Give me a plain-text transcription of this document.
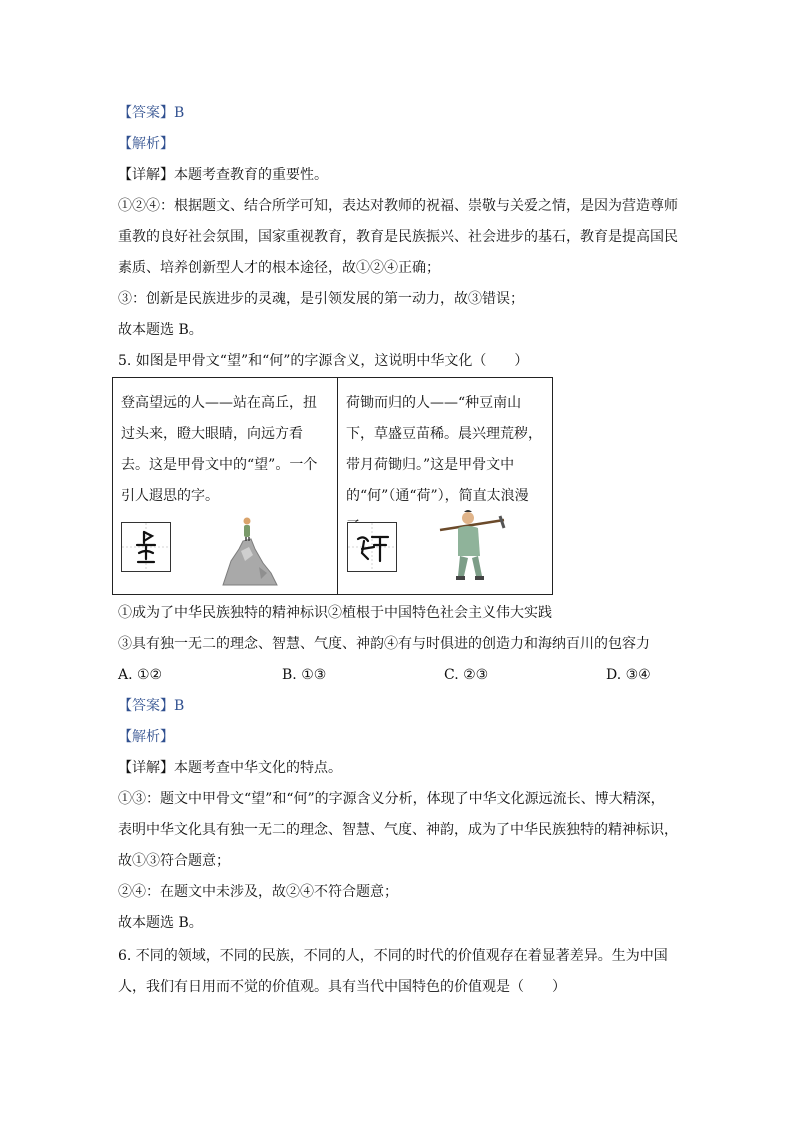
【答案】B
【解析】
【详解】本题考查教育的重要性。
①②④：根据题文、结合所学可知，表达对教师的祝福、崇敬与关爱之情，是因为营造尊师
重教的良好社会氛围，国家重视教育，教育是民族振兴、社会进步的基石，教育是提高国民
素质、培养创新型人才的根本途径，故①②④正确；
③：创新是民族进步的灵魂，是引领发展的第一动力，故③错误；
故本题选 B。
5. 如图是甲骨文“望”和“何”的字源含义，这说明中华文化（　　）
登高望远的人——站在高丘，扭过头来，瞪大眼睛，向远方看去。这是甲骨文中的“望”。一个引人遐思的字。
荷锄而归的人——“种豆南山下，草盛豆苗稀。晨兴理荒秽，带月荷锄归。”这是甲骨文中的“何”（通“荷”），简直太浪漫
①成为了中华民族独特的精神标识②植根于中国特色社会主义伟大实践
③具有独一无二的理念、智慧、气度、神韵④有与时俱进的创造力和海纳百川的包容力
A. ①②	B. ①③	C. ②③	D. ③④
【答案】B
【解析】
【详解】本题考查中华文化的特点。
①③：题文中甲骨文“望”和“何”的字源含义分析，体现了中华文化源远流长、博大精深，
表明中华文化具有独一无二的理念、智慧、气度、神韵，成为了中华民族独特的精神标识，
故①③符合题意；
②④：在题文中未涉及，故②④不符合题意；
故本题选 B。
6. 不同的领域，不同的民族，不同的人，不同的时代的价值观存在着显著差异。生为中国
人，我们有日用而不觉的价值观。具有当代中国特色的价值观是（　　）
